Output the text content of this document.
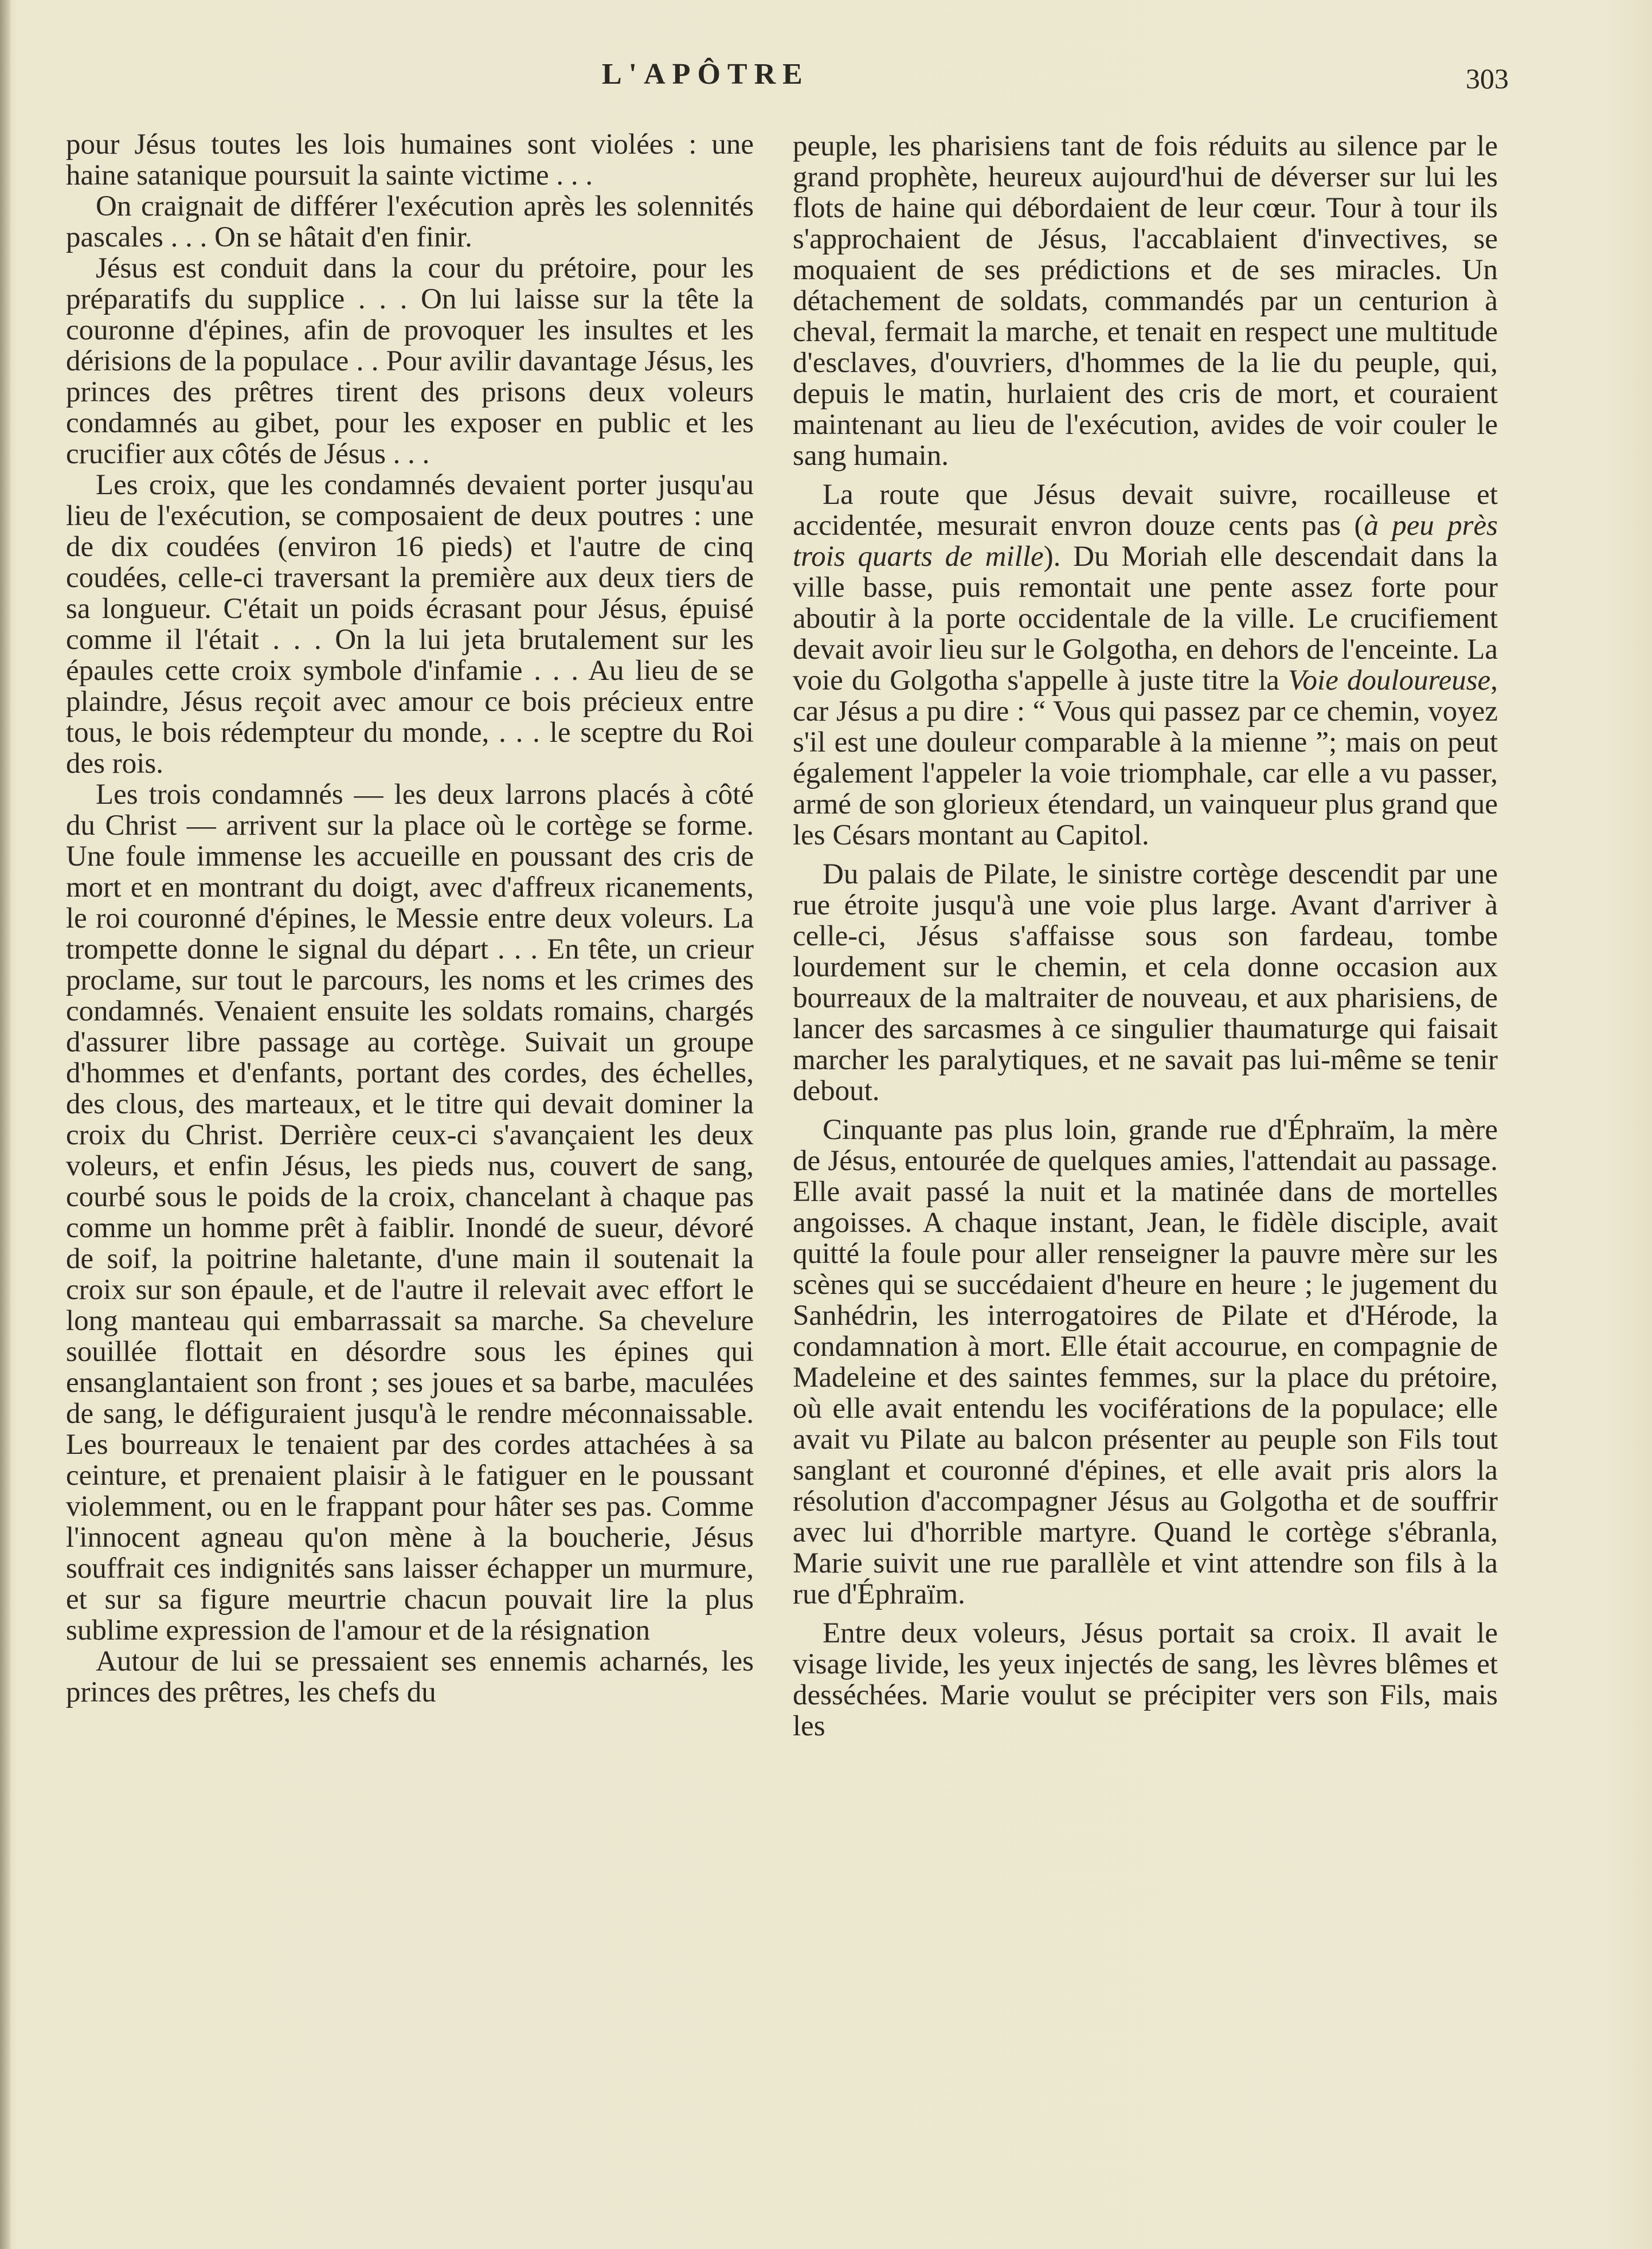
L'APÔTRE	303

pour Jésus toutes les lois humaines sont violées : une haine satanique poursuit la sainte victime . . .

On craignait de différer l'exécution après les solennités pascales . . . On se hâtait d'en finir.

Jésus est conduit dans la cour du prétoire, pour les préparatifs du supplice . . . On lui laisse sur la tête la couronne d'épines, afin de provoquer les insultes et les dérisions de la populace . . Pour avilir davantage Jésus, les princes des prêtres tirent des prisons deux voleurs condamnés au gibet, pour les exposer en public et les crucifier aux côtés de Jésus . . .

Les croix, que les condamnés devaient porter jusqu'au lieu de l'exécution, se composaient de deux poutres : une de dix coudées (environ 16 pieds) et l'autre de cinq coudées, celle-ci traversant la première aux deux tiers de sa longueur. C'était un poids écrasant pour Jésus, épuisé comme il l'était . . . On la lui jeta brutalement sur les épaules cette croix symbole d'infamie . . . Au lieu de se plaindre, Jésus reçoit avec amour ce bois précieux entre tous, le bois rédempteur du monde, . . . le sceptre du Roi des rois.

Les trois condamnés — les deux larrons placés à côté du Christ — arrivent sur la place où le cortège se forme. Une foule immense les accueille en poussant des cris de mort et en montrant du doigt, avec d'affreux ricanements, le roi couronné d'épines, le Messie entre deux voleurs. La trompette donne le signal du départ . . . En tête, un crieur proclame, sur tout le parcours, les noms et les crimes des condamnés. Venaient ensuite les soldats romains, chargés d'assurer libre passage au cortège. Suivait un groupe d'hommes et d'enfants, portant des cordes, des échelles, des clous, des marteaux, et le titre qui devait dominer la croix du Christ. Derrière ceux-ci s'avançaient les deux voleurs, et enfin Jésus, les pieds nus, couvert de sang, courbé sous le poids de la croix, chancelant à chaque pas comme un homme prêt à faiblir. Inondé de sueur, dévoré de soif, la poitrine haletante, d'une main il soutenait la croix sur son épaule, et de l'autre il relevait avec effort le long manteau qui embarrassait sa marche. Sa chevelure souillée flottait en désordre sous les épines qui ensanglantaient son front ; ses joues et sa barbe, maculées de sang, le défiguraient jusqu'à le rendre méconnaissable. Les bourreaux le tenaient par des cordes attachées à sa ceinture, et prenaient plaisir à le fatiguer en le poussant violemment, ou en le frappant pour hâter ses pas. Comme l'innocent agneau qu'on mène à la boucherie, Jésus souffrait ces indignités sans laisser échapper un murmure, et sur sa figure meurtrie chacun pouvait lire la plus sublime expression de l'amour et de la résignation

Autour de lui se pressaient ses ennemis acharnés, les princes des prêtres, les chefs du

peuple, les pharisiens tant de fois réduits au silence par le grand prophète, heureux aujourd'hui de déverser sur lui les flots de haine qui débordaient de leur cœur. Tour à tour ils s'approchaient de Jésus, l'accablaient d'invectives, se moquaient de ses prédictions et de ses miracles. Un détachement de soldats, commandés par un centurion à cheval, fermait la marche, et tenait en respect une multitude d'esclaves, d'ouvriers, d'hommes de la lie du peuple, qui, depuis le matin, hurlaient des cris de mort, et couraient maintenant au lieu de l'exécution, avides de voir couler le sang humain.

La route que Jésus devait suivre, rocailleuse et accidentée, mesurait envron douze cents pas (à peu près trois quarts de mille). Du Moriah elle descendait dans la ville basse, puis remontait une pente assez forte pour aboutir à la porte occidentale de la ville. Le crucifiement devait avoir lieu sur le Golgotha, en dehors de l'enceinte. La voie du Golgotha s'appelle à juste titre la Voie douloureuse, car Jésus a pu dire : “ Vous qui passez par ce chemin, voyez s'il est une douleur comparable à la mienne ”; mais on peut également l'appeler la voie triomphale, car elle a vu passer, armé de son glorieux étendard, un vainqueur plus grand que les Césars montant au Capitol.

Du palais de Pilate, le sinistre cortège descendit par une rue étroite jusqu'à une voie plus large. Avant d'arriver à celle-ci, Jésus s'affaisse sous son fardeau, tombe lourdement sur le chemin, et cela donne occasion aux bourreaux de la maltraiter de nouveau, et aux pharisiens, de lancer des sarcasmes à ce singulier thaumaturge qui faisait marcher les paralytiques, et ne savait pas lui-même se tenir debout.

Cinquante pas plus loin, grande rue d'Éphraïm, la mère de Jésus, entourée de quelques amies, l'attendait au passage. Elle avait passé la nuit et la matinée dans de mortelles angoisses. A chaque instant, Jean, le fidèle disciple, avait quitté la foule pour aller renseigner la pauvre mère sur les scènes qui se succédaient d'heure en heure ; le jugement du Sanhédrin, les interrogatoires de Pilate et d'Hérode, la condamnation à mort. Elle était accourue, en compagnie de Madeleine et des saintes femmes, sur la place du prétoire, où elle avait entendu les vociférations de la populace; elle avait vu Pilate au balcon présenter au peuple son Fils tout sanglant et couronné d'épines, et elle avait pris alors la résolution d'accompagner Jésus au Golgotha et de souffrir avec lui d'horrible martyre. Quand le cortège s'ébranla, Marie suivit une rue parallèle et vint attendre son fils à la rue d'Éphraïm.

Entre deux voleurs, Jésus portait sa croix. Il avait le visage livide, les yeux injectés de sang, les lèvres blêmes et desséchées. Marie voulut se précipiter vers son Fils, mais les
